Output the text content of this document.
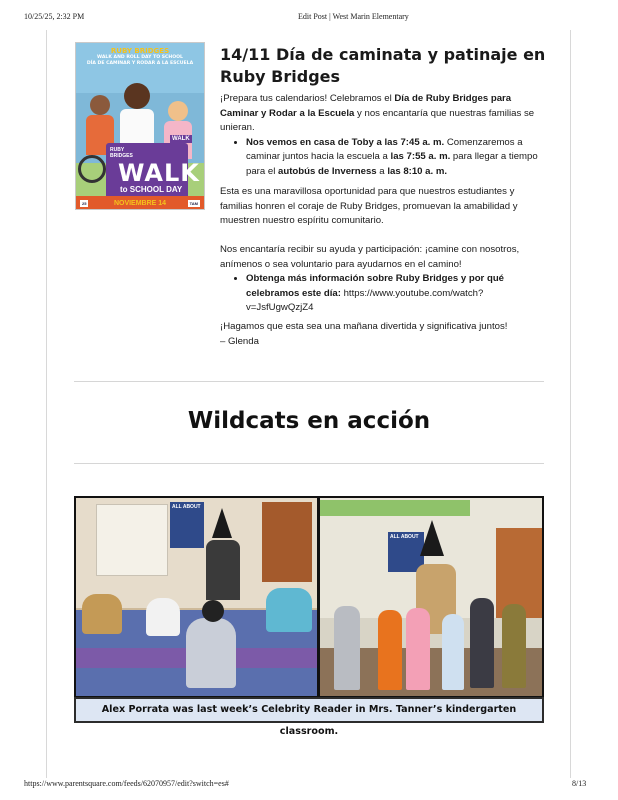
10/25/25, 2:32 PM	Edit Post | West Marin Elementary
RUBY BRIDGES
WALK AND ROLL DAY TO SCHOOL
DÍA DE CAMINAR Y RODAR A LA ESCUELA
WALK
RUBY
BRIDGES
WALK
to SCHOOL DAY
NOVIEMBRE 14
25	TAM
14/11 Día de caminata y patinaje en Ruby Bridges
¡Prepara tus calendarios! Celebramos el Día de Ruby Bridges para Caminar y Rodar a la Escuela y nos encantaría que nuestras familias se unieran.
• Nos vemos en casa de Toby a las 7:45 a. m. Comenzaremos a caminar juntos hacia la escuela a las 7:55 a. m. para llegar a tiempo para el autobús de Inverness a las 8:10 a. m.
Esta es una maravillosa oportunidad para que nuestros estudiantes y familias honren el coraje de Ruby Bridges, promuevan la amabilidad y muestren nuestro espíritu comunitario.
Nos encantaría recibir su ayuda y participación: ¡camine con nosotros, anímenos o sea voluntario para ayudarnos en el camino!
• Obtenga más información sobre Ruby Bridges y por qué celebramos este día: https://www.youtube.com/watch?v=JsfUgwQzjZ4
¡Hagamos que esta sea una mañana divertida y significativa juntos!
– Glenda
Wildcats en acción
ALL ABOUT
ALL ABOUT
Alex Porrata was last week’s Celebrity Reader in Mrs. Tanner’s kindergarten classroom.
https://www.parentsquare.com/feeds/62070957/edit?switch=es#	8/13
